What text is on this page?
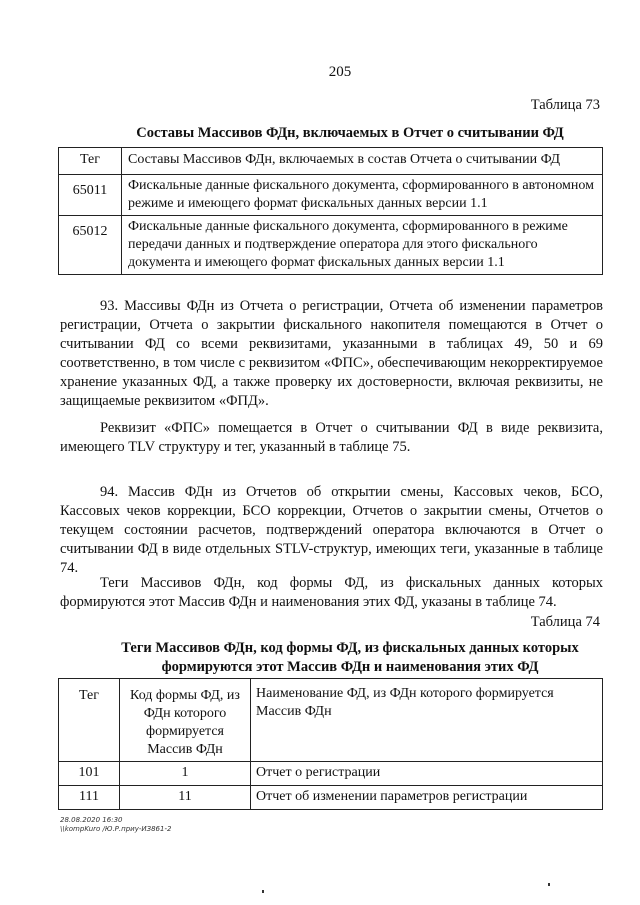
205
Таблица 73
Составы Массивов ФДн, включаемых в Отчет о считывании ФД
Тег	Составы Массивов ФДн, включаемых в состав Отчета о считывании ФД
65011	Фискальные данные фискального документа, сформированного в автономном режиме и имеющего формат фискальных данных версии 1.1
65012	Фискальные данные фискального документа, сформированного в режиме передачи данных и подтверждение оператора для этого фискального документа и имеющего формат фискальных данных версии 1.1
93. Массивы ФДн из Отчета о регистрации, Отчета об изменении параметров регистрации, Отчета о закрытии фискального накопителя помещаются в Отчет о считывании ФД со всеми реквизитами, указанными в таблицах 49, 50 и 69 соответственно, в том числе с реквизитом «ФПС», обеспечивающим некорректируемое хранение указанных ФД, а также проверку их достоверности, включая реквизиты, не защищаемые реквизитом «ФПД».
Реквизит «ФПС» помещается в Отчет о считывании ФД в виде реквизита, имеющего TLV структуру и тег, указанный в таблице 75.
94. Массив ФДн из Отчетов об открытии смены, Кассовых чеков, БСО, Кассовых чеков коррекции, БСО коррекции, Отчетов о закрытии смены, Отчетов о текущем состоянии расчетов, подтверждений оператора включаются в Отчет о считывании ФД в виде отдельных STLV-структур, имеющих теги, указанные в таблице 74.
Теги Массивов ФДн, код формы ФД, из фискальных данных которых формируются этот Массив ФДн и наименования этих ФД, указаны в таблице 74.
Таблица 74
Теги Массивов ФДн, код формы ФД, из фискальных данных которых
формируются этот Массив ФДн и наименования этих ФД
Тег	Код формы ФД, из ФДн которого формируется Массив ФДн	Наименование ФД, из ФДн которого формируется Массив ФДн
101	1	Отчет о регистрации
111	11	Отчет об изменении параметров регистрации
28.08.2020 16:30
\\kompKuro /Ю.Р.приу-ИЗ861-2
